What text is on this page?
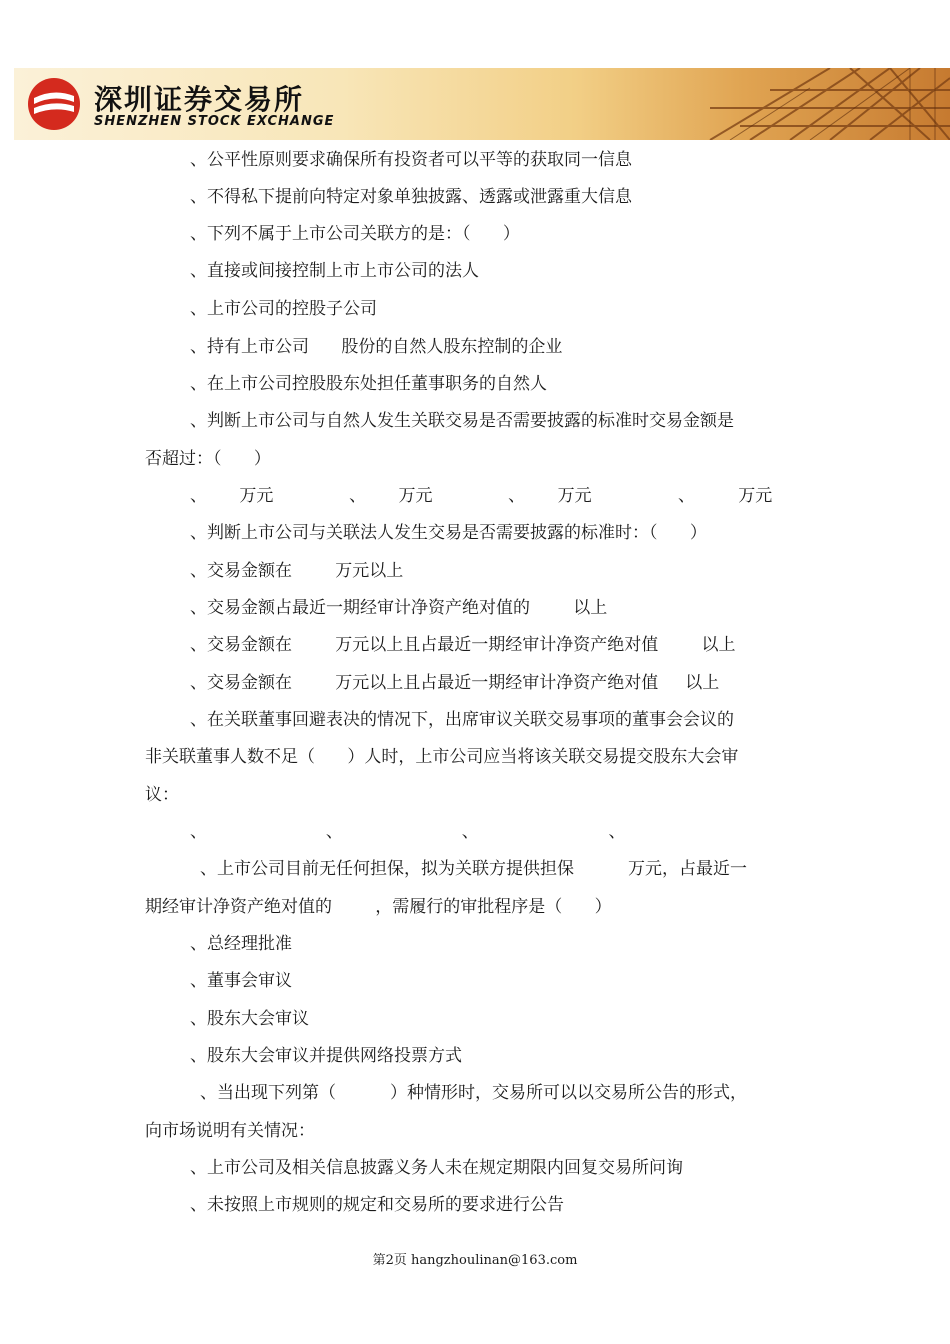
深圳证券交易所
SHENZHEN STOCK EXCHANGE
、公平性原则要求确保所有投资者可以平等的获取同一信息
、不得私下提前向特定对象单独披露、透露或泄露重大信息
、下列不属于上市公司关联方的是：（      ）
、直接或间接控制上市上市公司的法人
、上市公司的控股子公司
、持有上市公司      股份的自然人股东控制的企业
、在上市公司控股股东处担任董事职务的自然人
、判断上市公司与自然人发生关联交易是否需要披露的标准时交易金额是
否超过：（      ）
、      万元              、      万元              、      万元                、        万元
、判断上市公司与关联法人发生交易是否需要披露的标准时：（      ）
、交易金额在        万元以上
、交易金额占最近一期经审计净资产绝对值的        以上
、交易金额在        万元以上且占最近一期经审计净资产绝对值        以上
、交易金额在        万元以上且占最近一期经审计净资产绝对值     以上
、在关联董事回避表决的情况下，出席审议关联交易事项的董事会会议的
非关联董事人数不足（      ）人时，上市公司应当将该关联交易提交股东大会审
议：
、                      、                      、                        、
、上市公司目前无任何担保，拟为关联方提供担保          万元，占最近一
期经审计净资产绝对值的        ，需履行的审批程序是（      ）
、总经理批准
、董事会审议
、股东大会审议
、股东大会审议并提供网络投票方式
、当出现下列第（          ）种情形时，交易所可以以交易所公告的形式，
向市场说明有关情况：
、上市公司及相关信息披露义务人未在规定期限内回复交易所问询
、未按照上市规则的规定和交易所的要求进行公告
第2页 hangzhoulinan@163.com
